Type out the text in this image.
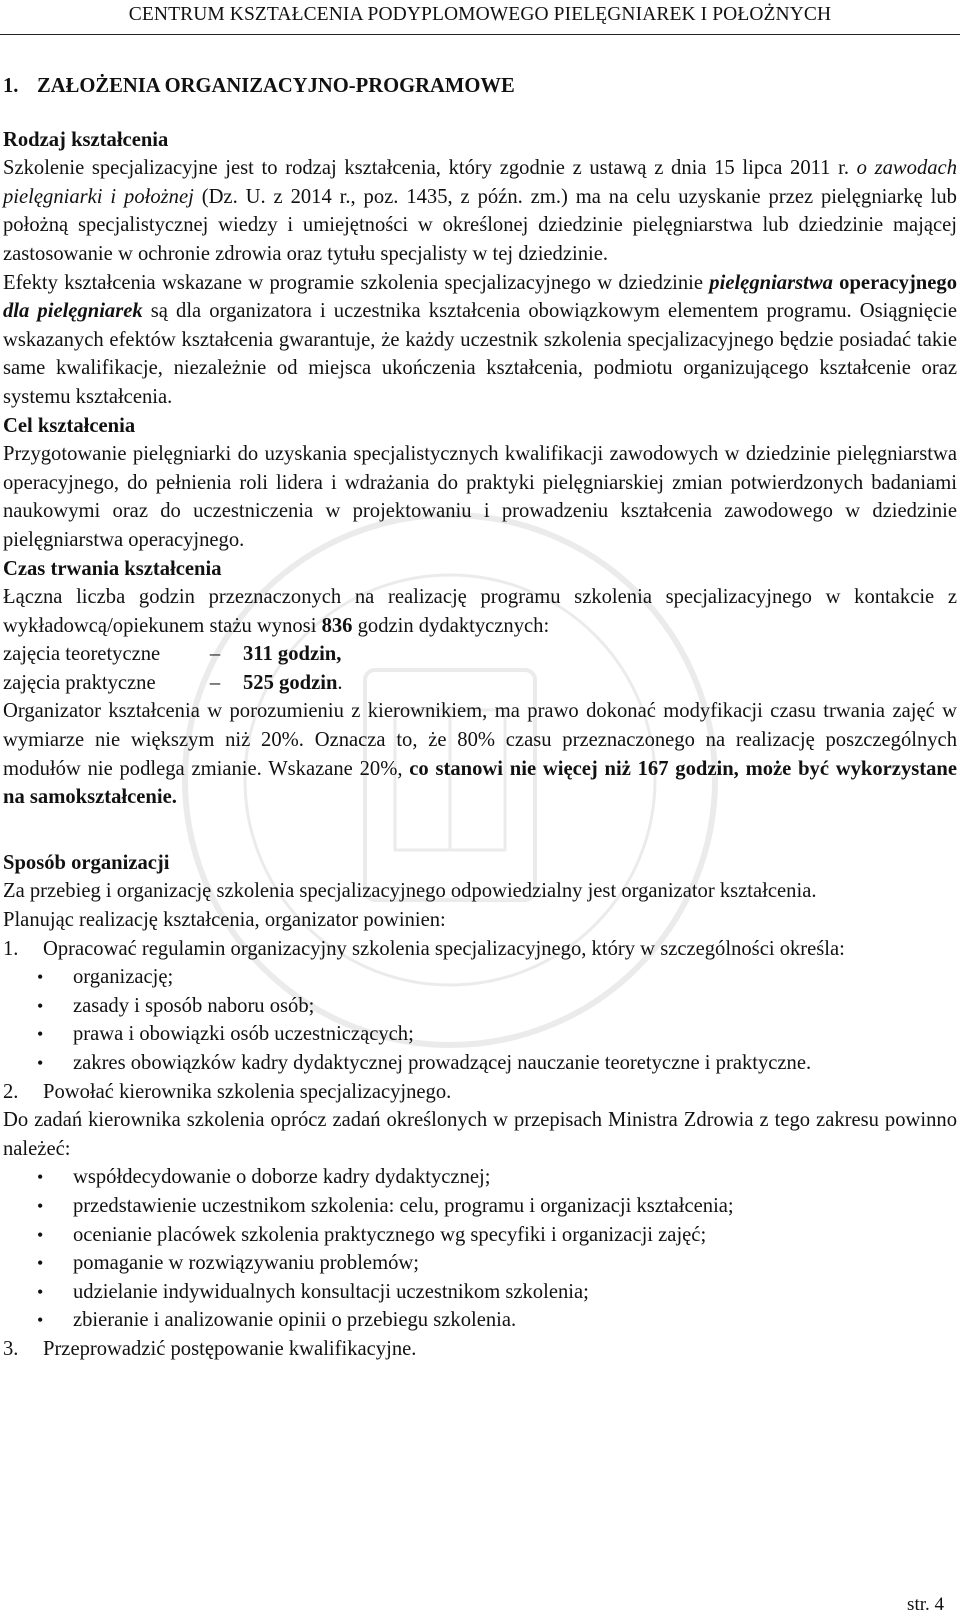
CENTRUM KSZTAŁCENIA PODYPLOMOWEGO PIELĘGNIAREK I POŁOŻNYCH
1. ZAŁOŻENIA ORGANIZACYJNO-PROGRAMOWE
Rodzaj kształcenia

Szkolenie specjalizacyjne jest to rodzaj kształcenia, który zgodnie z ustawą z dnia 15 lipca 2011 r. o zawodach pielęgniarki i położnej (Dz. U. z 2014 r., poz. 1435, z późn. zm.) ma na celu uzyskanie przez pielęgniarkę lub położną specjalistycznej wiedzy i umiejętności w określonej dziedzinie pielęgniarstwa lub dziedzinie mającej zastosowanie w ochronie zdrowia oraz tytułu specjalisty w tej dziedzinie.

Efekty kształcenia wskazane w programie szkolenia specjalizacyjnego w dziedzinie pielęgniarstwa operacyjnego dla pielęgniarek są dla organizatora i uczestnika kształcenia obowiązkowym elementem programu. Osiągnięcie wskazanych efektów kształcenia gwarantuje, że każdy uczestnik szkolenia specjalizacyjnego będzie posiadać takie same kwalifikacje, niezależnie od miejsca ukończenia kształcenia, podmiotu organizującego kształcenie oraz systemu kształcenia.

Cel kształcenia

Przygotowanie pielęgniarki do uzyskania specjalistycznych kwalifikacji zawodowych w dziedzinie pielęgniarstwa operacyjnego, do pełnienia roli lidera i wdrażania do praktyki pielęgniarskiej zmian potwierdzonych badaniami naukowymi oraz do uczestniczenia w projektowaniu i prowadzeniu kształcenia zawodowego w dziedzinie pielęgniarstwa operacyjnego.

Czas trwania kształcenia

Łączna liczba godzin przeznaczonych na realizację programu szkolenia specjalizacyjnego w kontakcie z wykładowcą/opiekunem stażu wynosi 836 godzin dydaktycznych:

zajęcia teoretyczne – 311 godzin,
zajęcia praktyczne	– 525 godzin.

Organizator kształcenia w porozumieniu z kierownikiem, ma prawo dokonać modyfikacji czasu trwania zajęć w wymiarze nie większym niż 20%. Oznacza to, że 80% czasu przeznaczonego na realizację poszczególnych modułów nie podlega zmianie. Wskazane 20%, co stanowi nie więcej niż 167 godzin, może być wykorzystane na samokształcenie.

Sposób organizacji

Za przebieg i organizację szkolenia specjalizacyjnego odpowiedzialny jest organizator kształcenia.

Planując realizację kształcenia, organizator powinien:

1. Opracować regulamin organizacyjny szkolenia specjalizacyjnego, który w szczególności określa:

• organizację;
• zasady i sposób naboru osób;
• prawa i obowiązki osób uczestniczących;
• zakres obowiązków kadry dydaktycznej prowadzącej nauczanie teoretyczne i praktyczne.
2. Powołać kierownika szkolenia specjalizacyjnego.

Do zadań kierownika szkolenia oprócz zadań określonych w przepisach Ministra Zdrowia z tego zakresu powinno należeć:

• współdecydowanie o doborze kadry dydaktycznej;
• przedstawienie uczestnikom szkolenia: celu, programu i organizacji kształcenia;
• ocenianie placówek szkolenia praktycznego wg specyfiki i organizacji zajęć;
• pomaganie w rozwiązywaniu problemów;
• udzielanie indywidualnych konsultacji uczestnikom szkolenia;
• zbieranie i analizowanie opinii o przebiegu szkolenia.
3. Przeprowadzić postępowanie kwalifikacyjne.

str. 4
